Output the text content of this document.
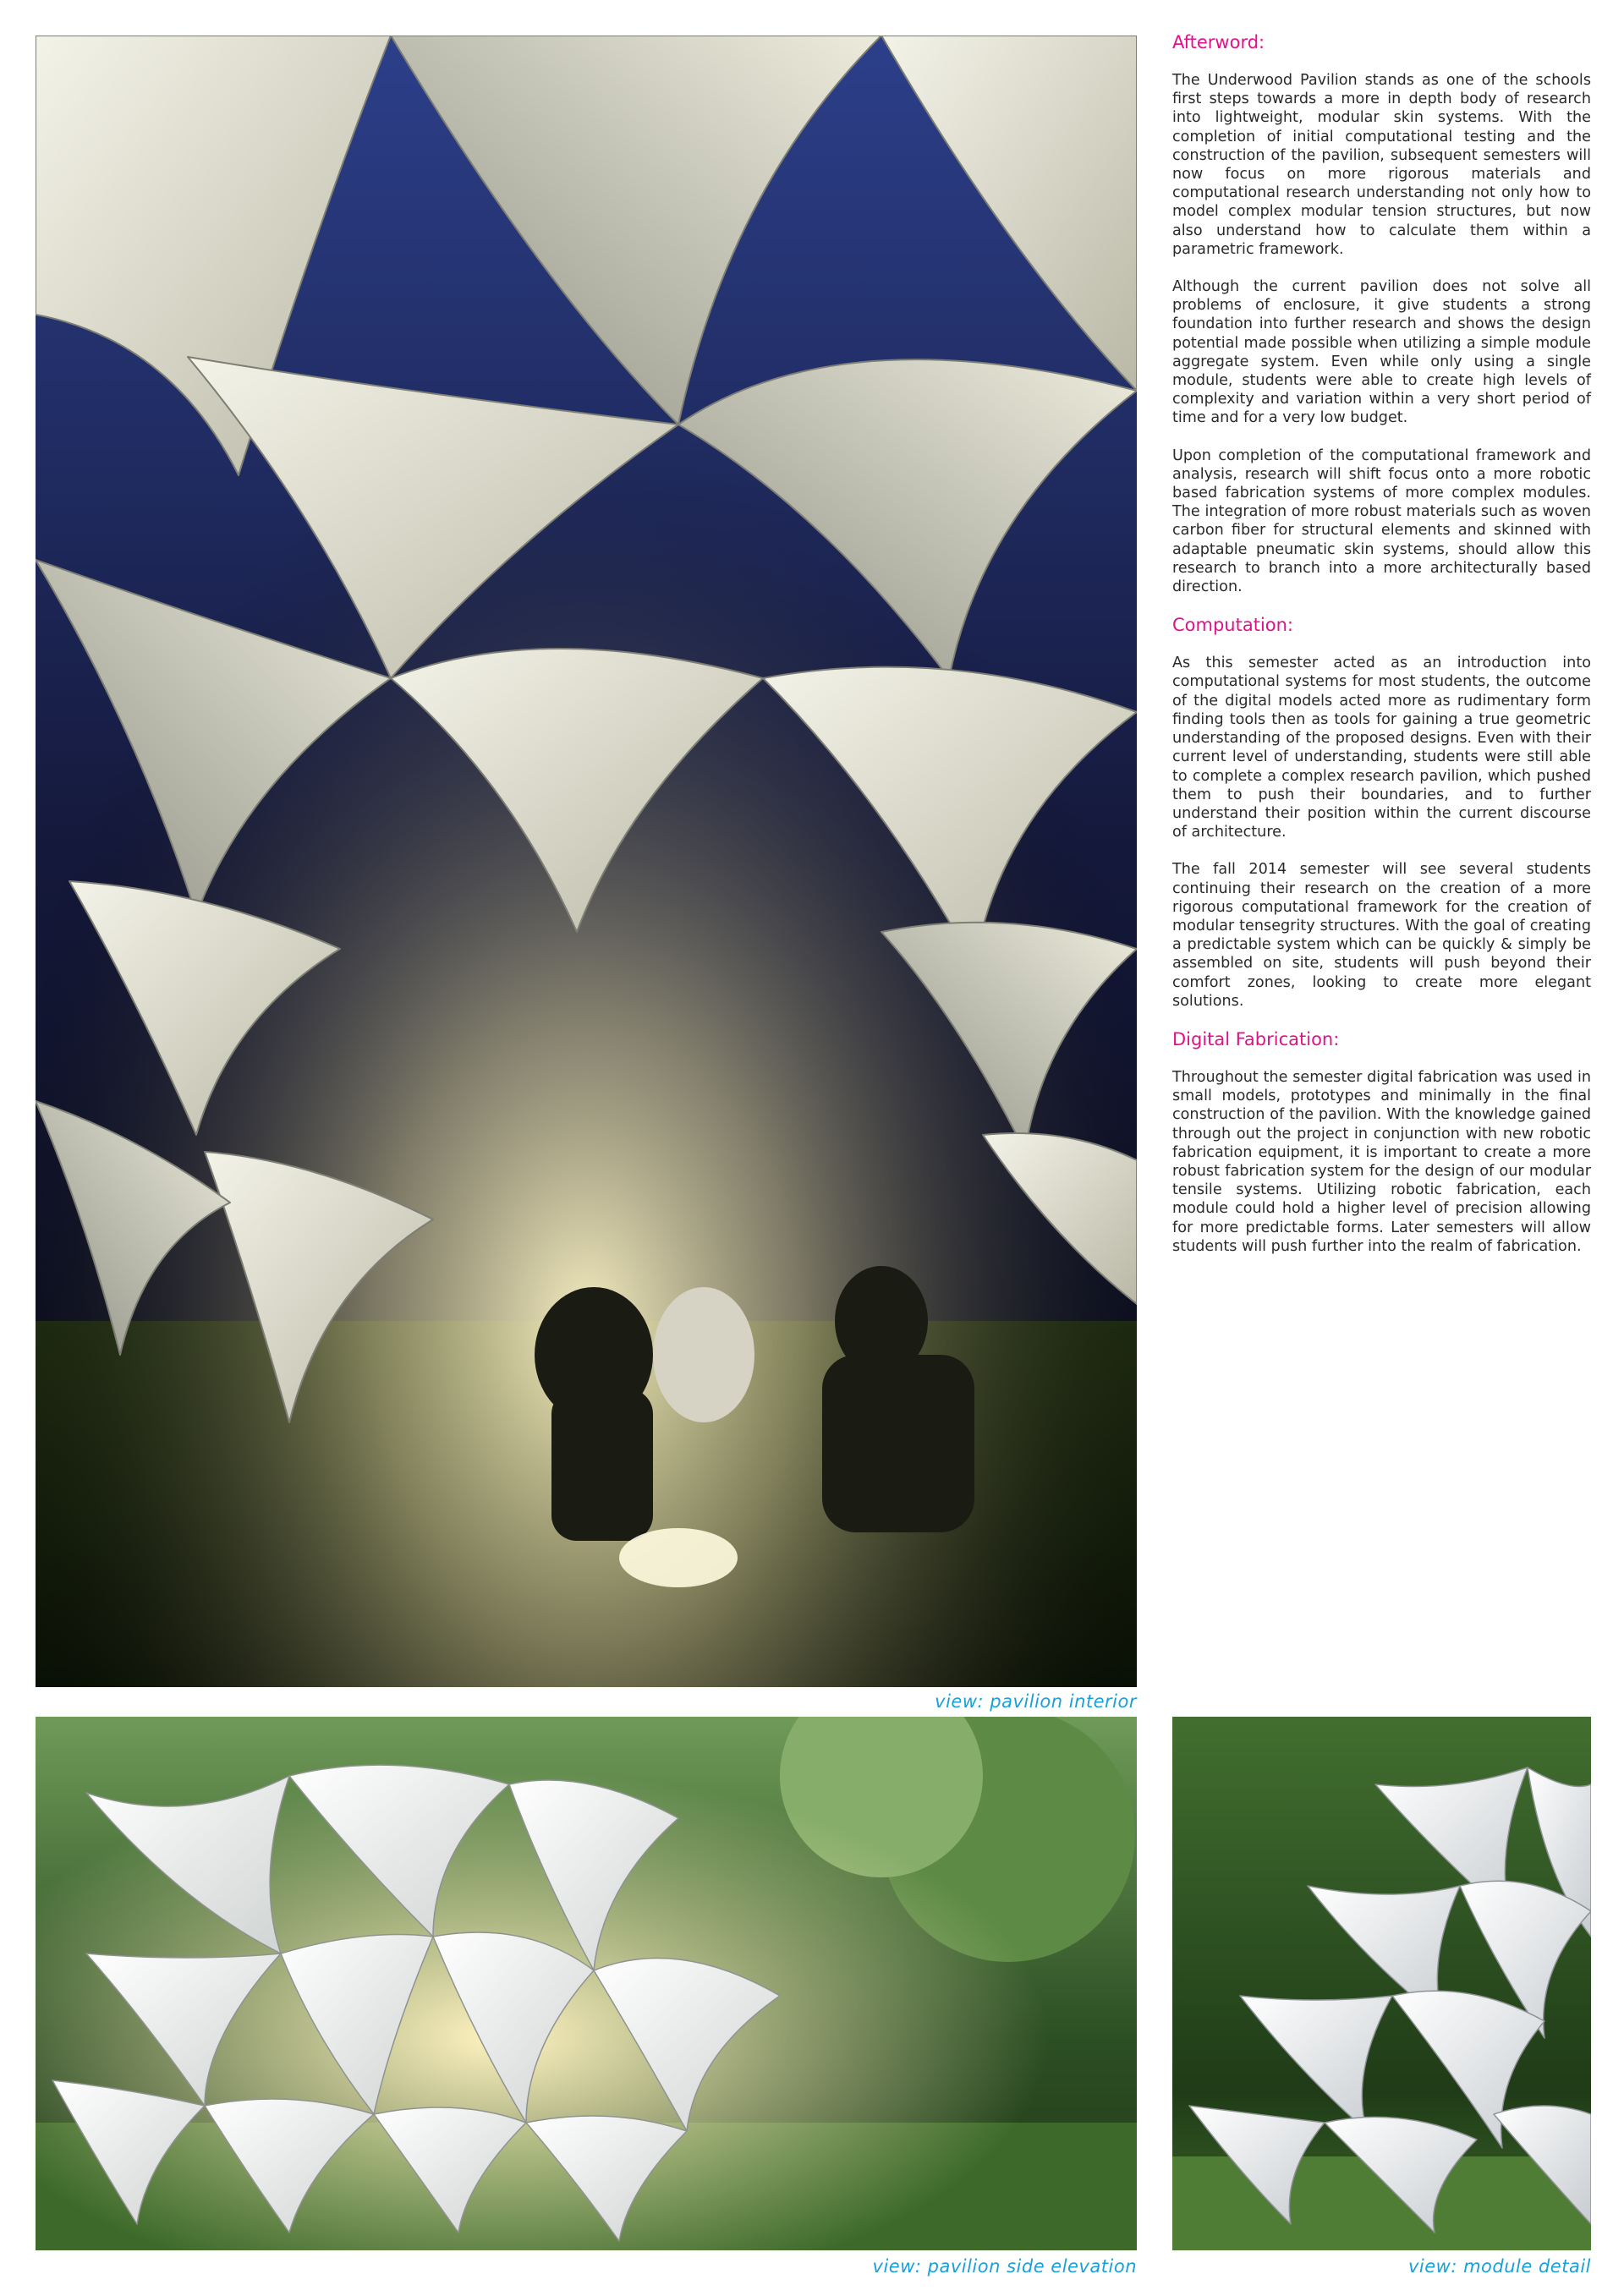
view: pavilion interior
Afterword:

The Underwood Pavilion stands as one of the schools first steps towards a more in depth body of research into lightweight, modular skin systems. With the completion of initial computational testing and the construction of the pavilion, subsequent semesters will now focus on more rigorous materials and computational research understanding not only how to model complex modular tension structures, but now also understand how to calculate them within a parametric framework.

Although the current pavilion does not solve all problems of enclosure, it give students a strong foundation into further research and shows the design potential made possible when utilizing a simple module aggregate system. Even while only using a single module, students were able to create high levels of complexity and variation within a very short period of time and for a very low budget.

Upon completion of the computational framework and analysis, research will shift focus onto a more robotic based fabrication systems of more complex modules. The integration of more robust materials such as woven carbon fiber for structural elements and skinned with adaptable pneumatic skin systems, should allow this research to branch into a more architecturally based direction.

Computation:

As this semester acted as an introduction into computational systems for most students, the outcome of the digital models acted more as rudimentary form finding tools then as tools for gaining a true geometric understanding of the proposed designs. Even with their current level of understanding, students were still able to complete a complex research pavilion, which pushed them to push their boundaries, and to further understand their position within the current discourse of architecture.

The fall 2014 semester will see several students continuing their research on the creation of a more rigorous computational framework for the creation of modular tensegrity structures. With the goal of creating a predictable system which can be quickly & simply be assembled on site, students will push beyond their comfort zones, looking to create more elegant solutions.

Digital Fabrication:

Throughout the semester digital fabrication was used in small models, prototypes and minimally in the final construction of the pavilion. With the knowledge gained through out the project in conjunction with new robotic fabrication equipment, it is important to create a more robust fabrication system for the design of our modular tensile systems. Utilizing robotic fabrication, each module could hold a higher level of precision allowing for more predictable forms. Later semesters will allow students will push further into the realm of fabrication.

view: pavilion side elevation	view: module detail
